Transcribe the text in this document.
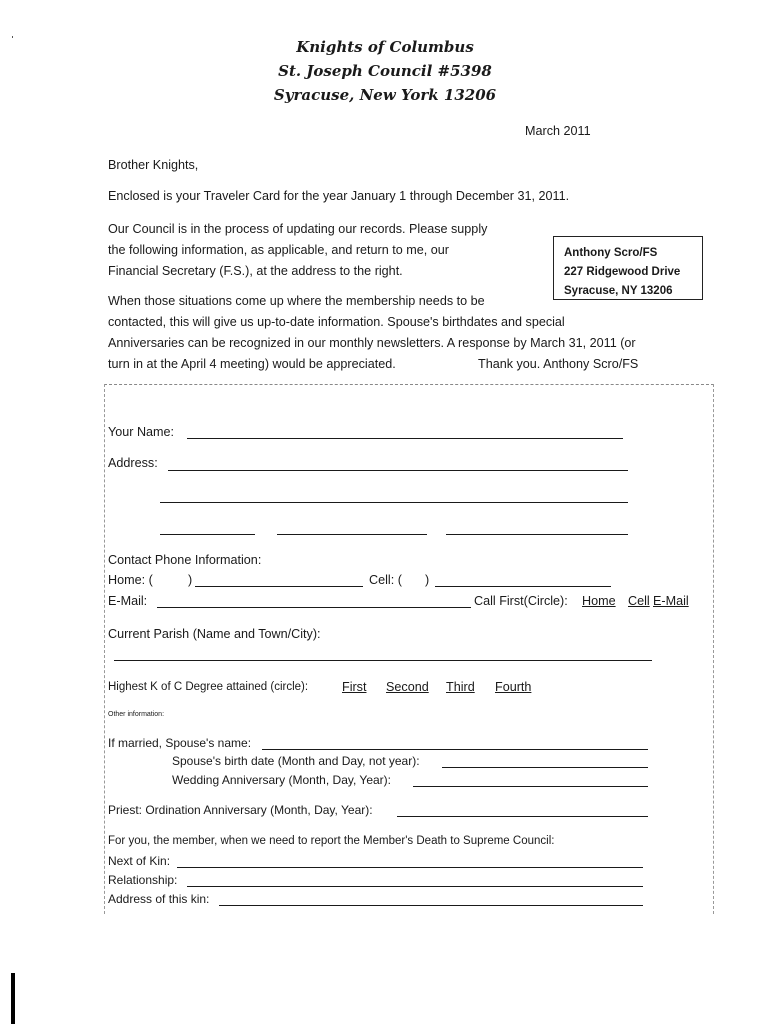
Knights of Columbus
St. Joseph Council #5398
Syracuse, New York 13206
March 2011
Brother Knights,
Enclosed is your Traveler Card for the year January 1 through December 31, 2011.
Our Council is in the process of updating our records. Please supply
the following information, as applicable, and return to me, our
Financial Secretary (F.S.), at the address to the right.
When those situations come up where the membership needs to be
contacted, this will give us up-to-date information. Spouse's birthdates and special
Anniversaries can be recognized in our monthly newsletters. A response by March 31, 2011 (or
turn in at the April 4 meeting) would be appreciated.	Thank you. Anthony Scro/FS
Anthony Scro/FS
227 Ridgewood Drive
Syracuse, NY 13206
Your Name:
Address:
Contact Phone Information:
Home: (	)	Cell: ( )
E-Mail:	Call First(Circle): Home Cell E-Mail
Current Parish (Name and Town/City):
Highest K of C Degree attained (circle):	First Second Third Fourth
Other information:
If married, Spouse's name:
Spouse's birth date (Month and Day, not year):
Wedding Anniversary (Month, Day, Year):
Priest: Ordination Anniversary (Month, Day, Year):
For you, the member, when we need to report the Member's Death to Supreme Council:
Next of Kin:
Relationship:
Address of this kin:
